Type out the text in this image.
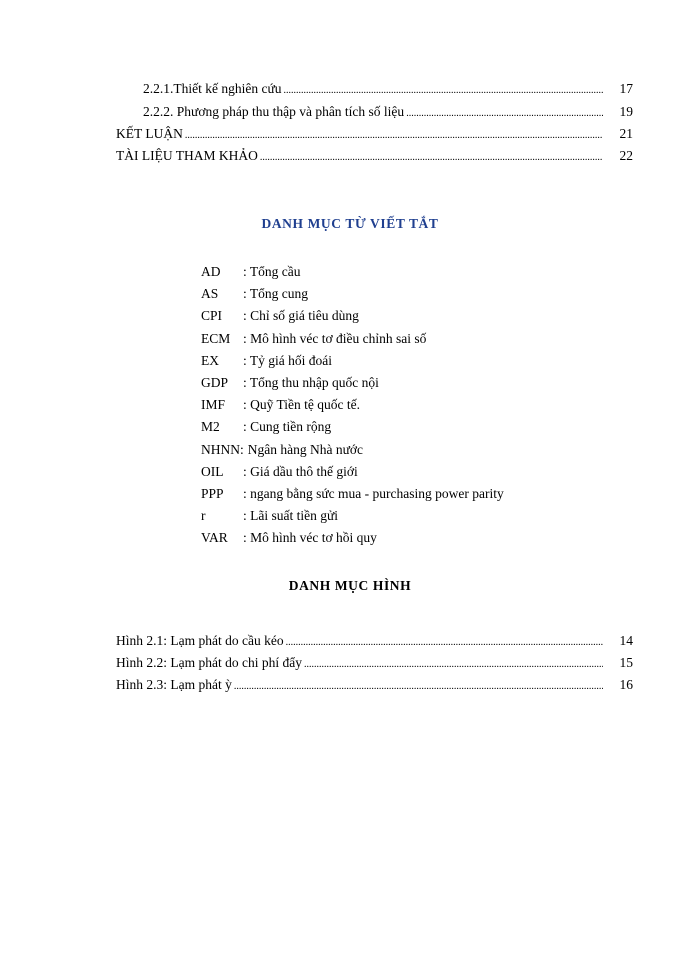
2.2.1.Thiết kế nghiên cứu .....	17
2.2.2. Phương pháp thu thập và phân tích số liệu .....	19
KẾT LUẬN .....	21
TÀI LIỆU THAM KHẢO .....	22
DANH MỤC TỪ VIẾT TẮT
AD	: Tổng cầu
AS	: Tổng cung
CPI	: Chỉ số giá tiêu dùng
ECM : Mô hình véc tơ điều chỉnh sai số
EX	: Tỷ giá hối đoái
GDP	: Tổng thu nhập quốc nội
IMF	: Quỹ Tiền tệ quốc tế.
M2	: Cung tiền rộng
NHNN: Ngân hàng Nhà nước
OIL	: Giá dầu thô thế giới
PPP	: ngang bằng sức mua - purchasing power parity
r	: Lãi suất tiền gửi
VAR	: Mô hình véc tơ hồi quy
DANH MỤC HÌNH
Hình 2.1: Lạm phát do cầu kéo .....	14
Hình 2.2: Lạm phát do chi phí đẩy .....	15
Hình 2.3: Lạm phát ỳ .....	16
